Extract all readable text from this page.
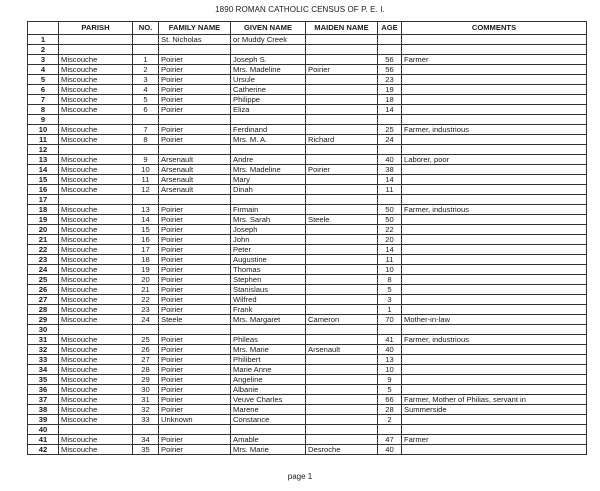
1890 ROMAN CATHOLIC CENSUS OF P. E. I.
	PARISH	NO.	FAMILY NAME	GIVEN NAME	MAIDEN NAME	AGE	COMMENTS
1			St. Nicholas	or Muddy Creek			
2							
3	Miscouche	1	Poirier	Joseph S.		56	Farmer
4	Miscouche	2	Poirier	Mrs. Madeline	Poirier	56	
5	Miscouche	3	Poirier	Ursule		23	
6	Miscouche	4	Poirier	Catherine		19	
7	Miscouche	5	Poirier	Philippe		18	
8	Miscouche	6	Poirier	Eliza		14	
9							
10	Miscouche	7	Poirier	Ferdinand		25	Farmer, industrious
11	Miscouche	8	Poirier	Mrs. M. A.	Richard	24	
12							
13	Miscouche	9	Arsenault	Andre		40	Laborer, poor
14	Miscouche	10	Arsenault	Mrs. Madeline	Poirier	38	
15	Miscouche	11	Arsenault	Mary		14	
16	Miscouche	12	Arsenault	Dinah		11	
17							
18	Miscouche	13	Poirier	Firmain		50	Farmer, industrious
19	Miscouche	14	Poirier	Mrs. Sarah	Steele	50	
20	Miscouche	15	Poirier	Joseph		22	
21	Miscouche	16	Poirier	John		20	
22	Miscouche	17	Poirier	Peter		14	
23	Miscouche	18	Poirier	Augustine		11	
24	Miscouche	19	Poirier	Thomas		10	
25	Miscouche	20	Poirier	Stephen		8	
26	Miscouche	21	Poirier	Stanislaus		5	
27	Miscouche	22	Poirier	Wilfred		3	
28	Miscouche	23	Poirier	Frank		1	
29	Miscouche	24	Steele	Mrs. Margaret	Cameron	70	Mother-in-law
30							
31	Miscouche	25	Poirier	Phileas		41	Farmer, industrious
32	Miscouche	26	Poirier	Mrs. Marie	Arsenault	40	
33	Miscouche	27	Poirier	Philibert		13	
34	Miscouche	28	Poirier	Marie Anne		10	
35	Miscouche	29	Poirier	Angeline		9	
36	Miscouche	30	Poirier	Albanie		5	
37	Miscouche	31	Poirier	Veuve Charles		66	Farmer, Mother of Philias, servant in
38	Miscouche	32	Poirier	Marene		28	Summerside
39	Miscouche	33	Unknown	Constance		2	
40							
41	Miscouche	34	Poirier	Amable		47	Farmer
42	Miscouche	35	Poirier	Mrs. Marie	Desroche	40	
page 1
